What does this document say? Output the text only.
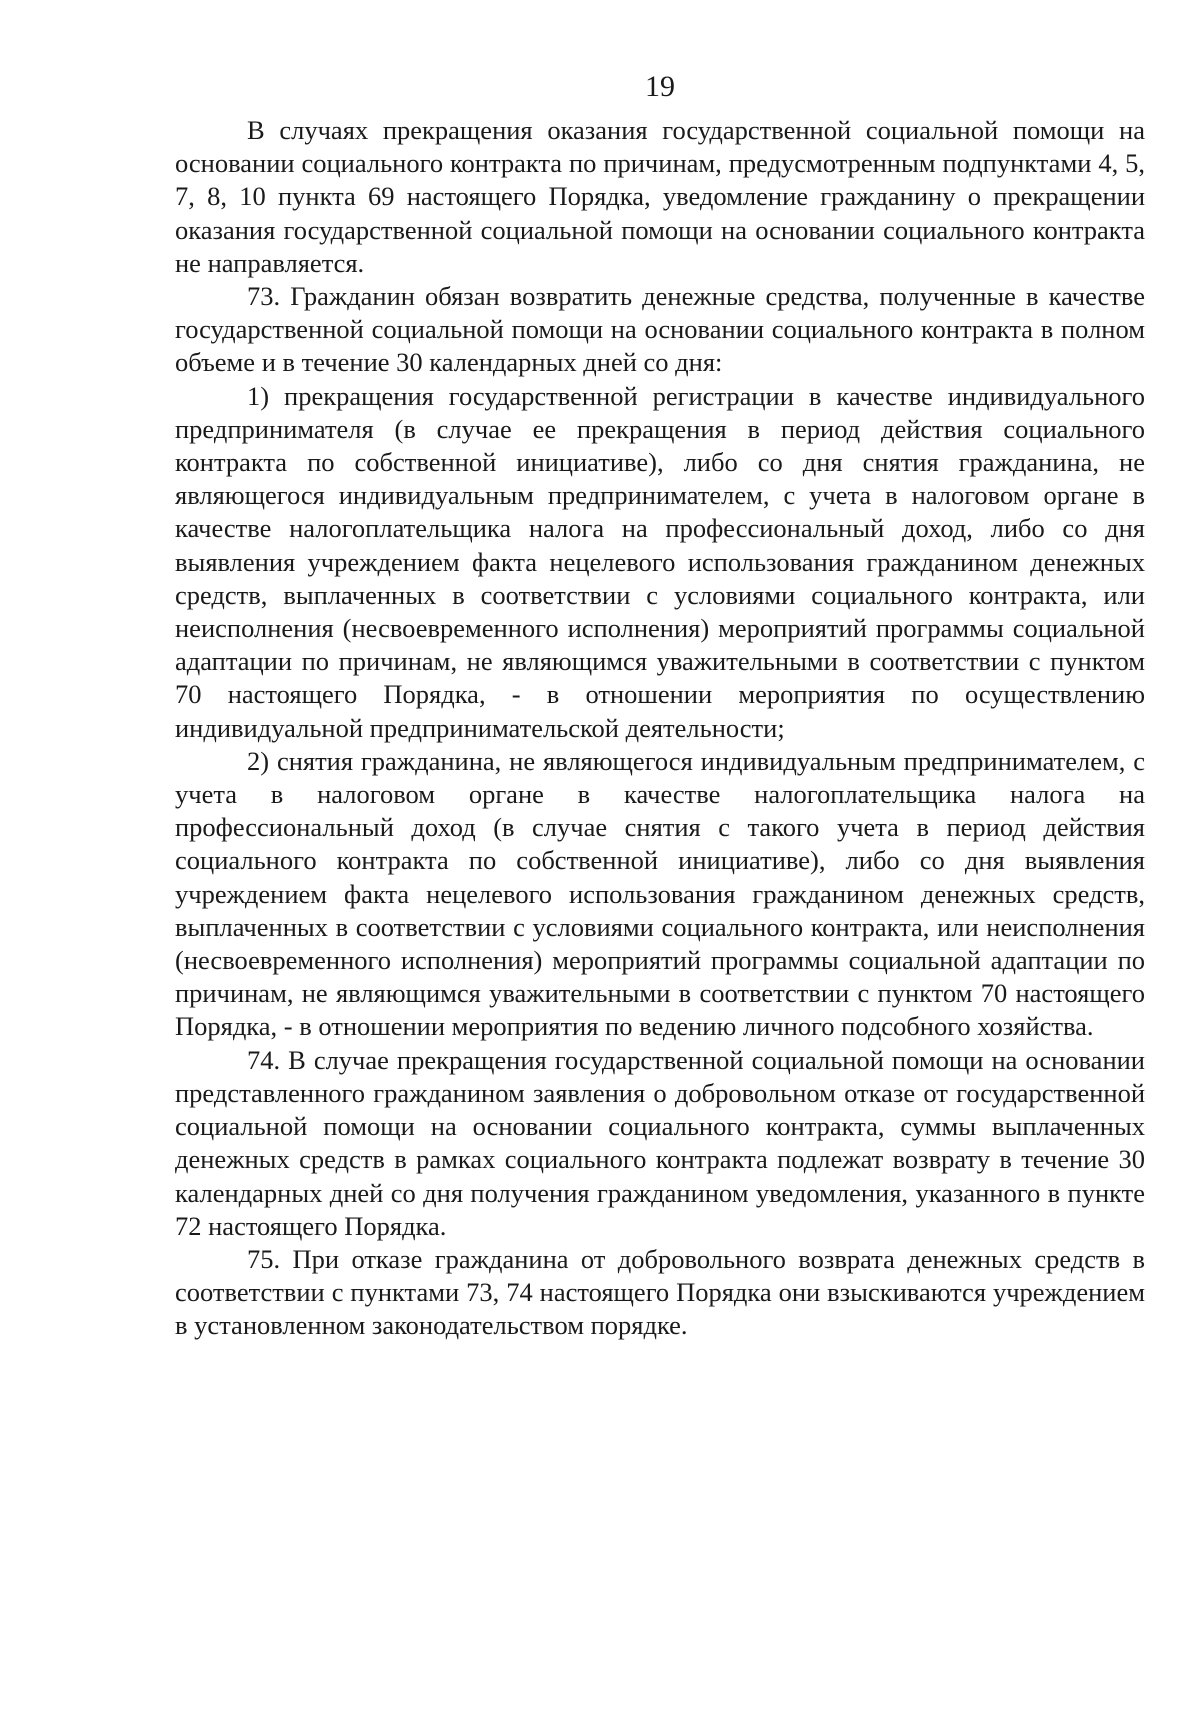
19

В случаях прекращения оказания государственной социальной помощи на основании социального контракта по причинам, предусмотренным подпунктами 4, 5, 7, 8, 10 пункта 69 настоящего Порядка, уведомление гражданину о прекращении оказания государственной социальной помощи на основании социального контракта не направляется.

73. Гражданин обязан возвратить денежные средства, полученные в качестве государственной социальной помощи на основании социального контракта в полном объеме и в течение 30 календарных дней со дня:

1) прекращения государственной регистрации в качестве индивидуального предпринимателя (в случае ее прекращения в период действия социального контракта по собственной инициативе), либо со дня снятия гражданина, не являющегося индивидуальным предпринимателем, с учета в налоговом органе в качестве налогоплательщика налога на профессиональный доход, либо со дня выявления учреждением факта нецелевого использования гражданином денежных средств, выплаченных в соответствии с условиями социального контракта, или неисполнения (несвоевременного исполнения) мероприятий программы социальной адаптации по причинам, не являющимся уважительными в соответствии с пунктом 70 настоящего Порядка, - в отношении мероприятия по осуществлению индивидуальной предпринимательской деятельности;

2) снятия гражданина, не являющегося индивидуальным предпринимателем, с учета в налоговом органе в качестве налогоплательщика налога на профессиональный доход (в случае снятия с такого учета в период действия социального контракта по собственной инициативе), либо со дня выявления учреждением факта нецелевого использования гражданином денежных средств, выплаченных в соответствии с условиями социального контракта, или неисполнения (несвоевременного исполнения) мероприятий программы социальной адаптации по причинам, не являющимся уважительными в соответствии с пунктом 70 настоящего Порядка, - в отношении мероприятия по ведению личного подсобного хозяйства.

74. В случае прекращения государственной социальной помощи на основании представленного гражданином заявления о добровольном отказе от государственной социальной помощи на основании социального контракта, суммы выплаченных денежных средств в рамках социального контракта подлежат возврату в течение 30 календарных дней со дня получения гражданином уведомления, указанного в пункте 72 настоящего Порядка.

75. При отказе гражданина от добровольного возврата денежных средств в соответствии с пунктами 73, 74 настоящего Порядка они взыскиваются учреждением в установленном законодательством порядке.
